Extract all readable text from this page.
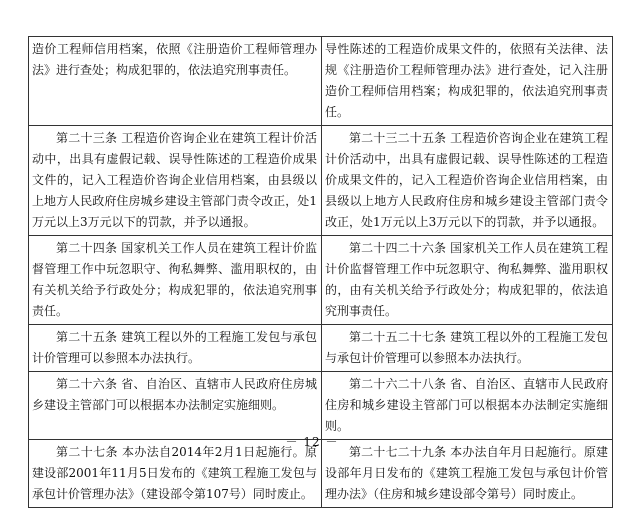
造价工程师信用档案，依照《注册造价工程师管理办法》进行查处；构成犯罪的，依法追究刑事责任。	导性陈述的工程造价成果文件的，依照有关法律、法规《注册造价工程师管理办法》进行查处，记入注册造价工程师信用档案；构成犯罪的，依法追究刑事责任。
第二十三条 工程造价咨询企业在建筑工程计价活动中，出具有虚假记载、误导性陈述的工程造价成果文件的，记入工程造价咨询企业信用档案，由县级以上地方人民政府住房城乡建设主管部门责令改正，处1万元以上3万元以下的罚款，并予以通报。	第二十三二十五条 工程造价咨询企业在建筑工程计价活动中，出具有虚假记载、误导性陈述的工程造价成果文件的，记入工程造价咨询企业信用档案，由县级以上地方人民政府住房和城乡建设主管部门责令改正，处1万元以上3万元以下的罚款，并予以通报。
第二十四条 国家机关工作人员在建筑工程计价监督管理工作中玩忽职守、徇私舞弊、滥用职权的，由有关机关给予行政处分；构成犯罪的，依法追究刑事责任。	第二十四二十六条 国家机关工作人员在建筑工程计价监督管理工作中玩忽职守、徇私舞弊、滥用职权的，由有关机关给予行政处分；构成犯罪的，依法追究刑事责任。
第二十五条 建筑工程以外的工程施工发包与承包计价管理可以参照本办法执行。	第二十五二十七条 建筑工程以外的工程施工发包与承包计价管理可以参照本办法执行。
第二十六条 省、自治区、直辖市人民政府住房城乡建设主管部门可以根据本办法制定实施细则。	第二十六二十八条 省、自治区、直辖市人民政府住房和城乡建设主管部门可以根据本办法制定实施细则。
第二十七条 本办法自2014年2月1日起施行。原建设部2001年11月5日发布的《建筑工程施工发包与承包计价管理办法》（建设部令第107号）同时废止。	第二十七二十九条 本办法自年月日起施行。原建设部年月日发布的《建筑工程施工发包与承包计价管理办法》（住房和城乡建设部令第号）同时废止。
－ 12 －
